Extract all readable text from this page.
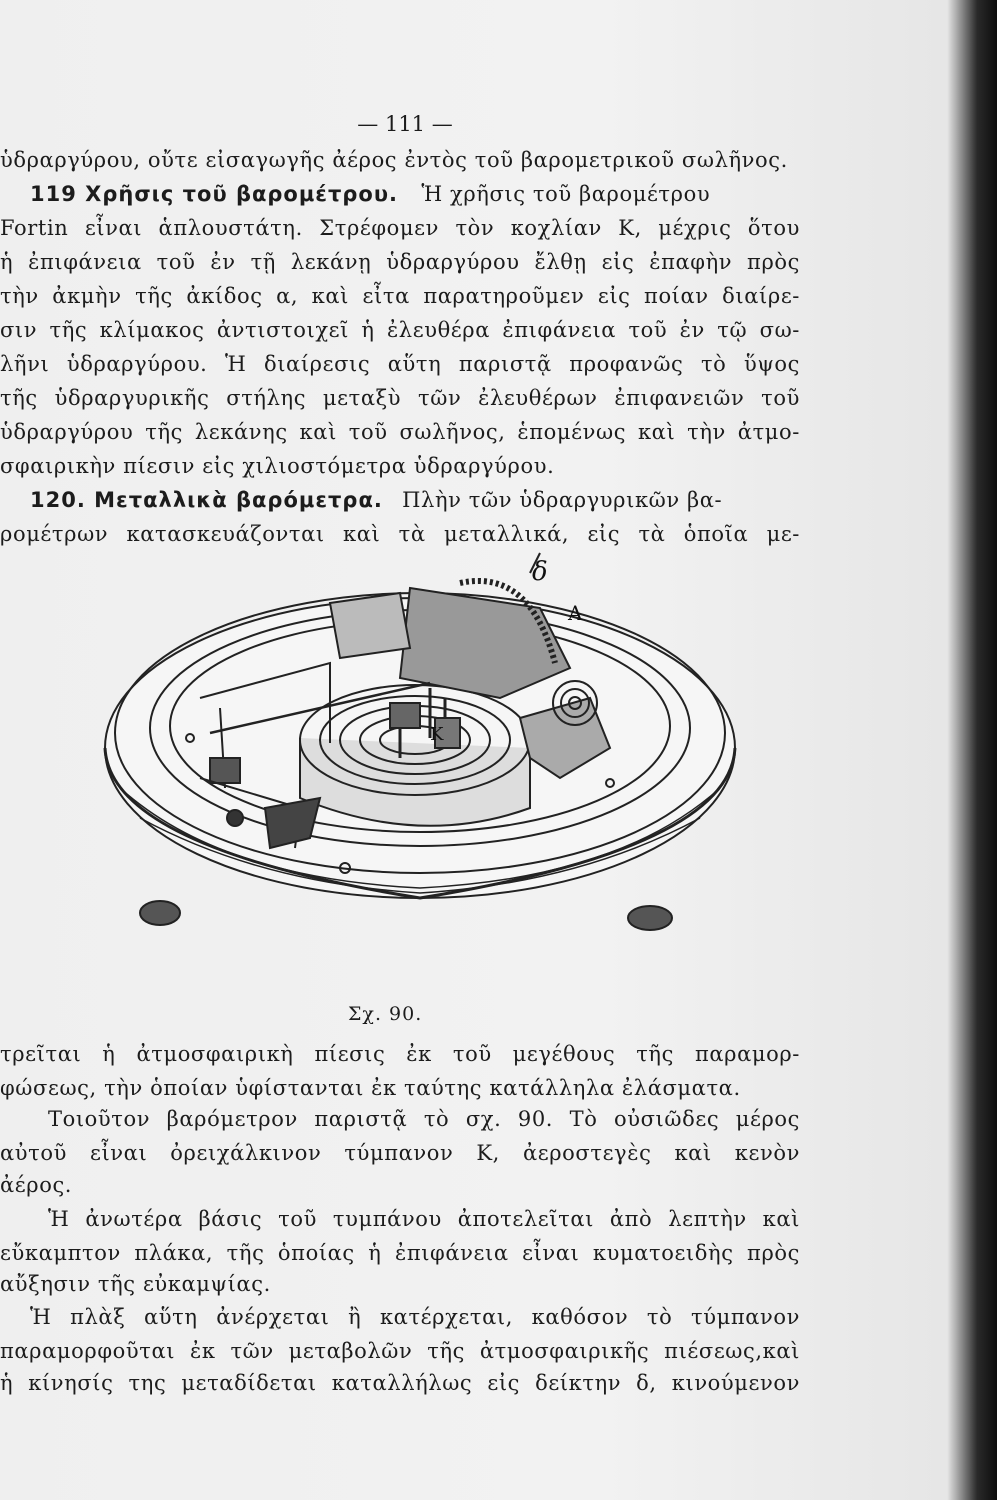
— 111 —
ὑδραργύρου, οὔτε εἰσαγωγῆς ἀέρος ἐντὸς τοῦ βαρομετρικοῦ σωλῆνος.
119 Χρῆσις τοῦ βαρομέτρου. Ἡ χρῆσις τοῦ βαρομέτρου
Fortin εἶναι ἁπλουστάτη. Στρέφομεν τὸν κοχλίαν Κ, μέχρις ὅτου
ἡ ἐπιφάνεια τοῦ ἐν τῇ λεκάνῃ ὑδραργύρου ἔλθῃ εἰς ἐπαφὴν πρὸς
τὴν ἀκμὴν τῆς ἀκίδος α, καὶ εἶτα παρατηροῦμεν εἰς ποίαν διαίρε-
σιν τῆς κλίμακος ἀντιστοιχεῖ ἡ ἐλευθέρα ἐπιφάνεια τοῦ ἐν τῷ σω-
λῆνι ὑδραργύρου. Ἡ διαίρεσις αὕτη παριστᾷ προφανῶς τὸ ὕψος
τῆς ὑδραργυρικῆς στήλης μεταξὺ τῶν ἐλευθέρων ἐπιφανειῶν τοῦ
ὑδραργύρου τῆς λεκάνης καὶ τοῦ σωλῆνος, ἑπομένως καὶ τὴν ἀτμο-
σφαιρικὴν πίεσιν εἰς χιλιοστόμετρα ὑδραργύρου.
120. Μεταλλικὰ βαρόμετρα. Πλὴν τῶν ὑδραργυρικῶν βα-
ρομέτρων κατασκευάζονται καὶ τὰ μεταλλικά, εἰς τὰ ὁποῖα με-
δ
Α
Κ
Σχ. 90.
τρεῖται ἡ ἀτμοσφαιρικὴ πίεσις ἐκ τοῦ μεγέθους τῆς παραμορ-
φώσεως, τὴν ὁποίαν ὑφίστανται ἐκ ταύτης κατάλληλα ἐλάσματα.
Τοιοῦτον βαρόμετρον παριστᾷ τὸ σχ. 90. Τὸ οὐσιῶδες μέρος
αὐτοῦ εἶναι ὀρειχάλκινον τύμπανον Κ, ἀεροστεγὲς καὶ κενὸν
ἀέρος.
Ἡ ἀνωτέρα βάσις τοῦ τυμπάνου ἀποτελεῖται ἀπὸ λεπτὴν καὶ
εὔκαμπτον πλάκα, τῆς ὁποίας ἡ ἐπιφάνεια εἶναι κυματοειδὴς πρὸς
αὔξησιν τῆς εὐκαμψίας.
Ἡ πλὰξ αὕτη ἀνέρχεται ἢ κατέρχεται, καθόσον τὸ τύμπανον
παραμορφοῦται ἐκ τῶν μεταβολῶν τῆς ἀτμοσφαιρικῆς πιέσεως,καὶ
ἡ κίνησίς της μεταδίδεται καταλλήλως εἰς δείκτην δ, κινούμενον
